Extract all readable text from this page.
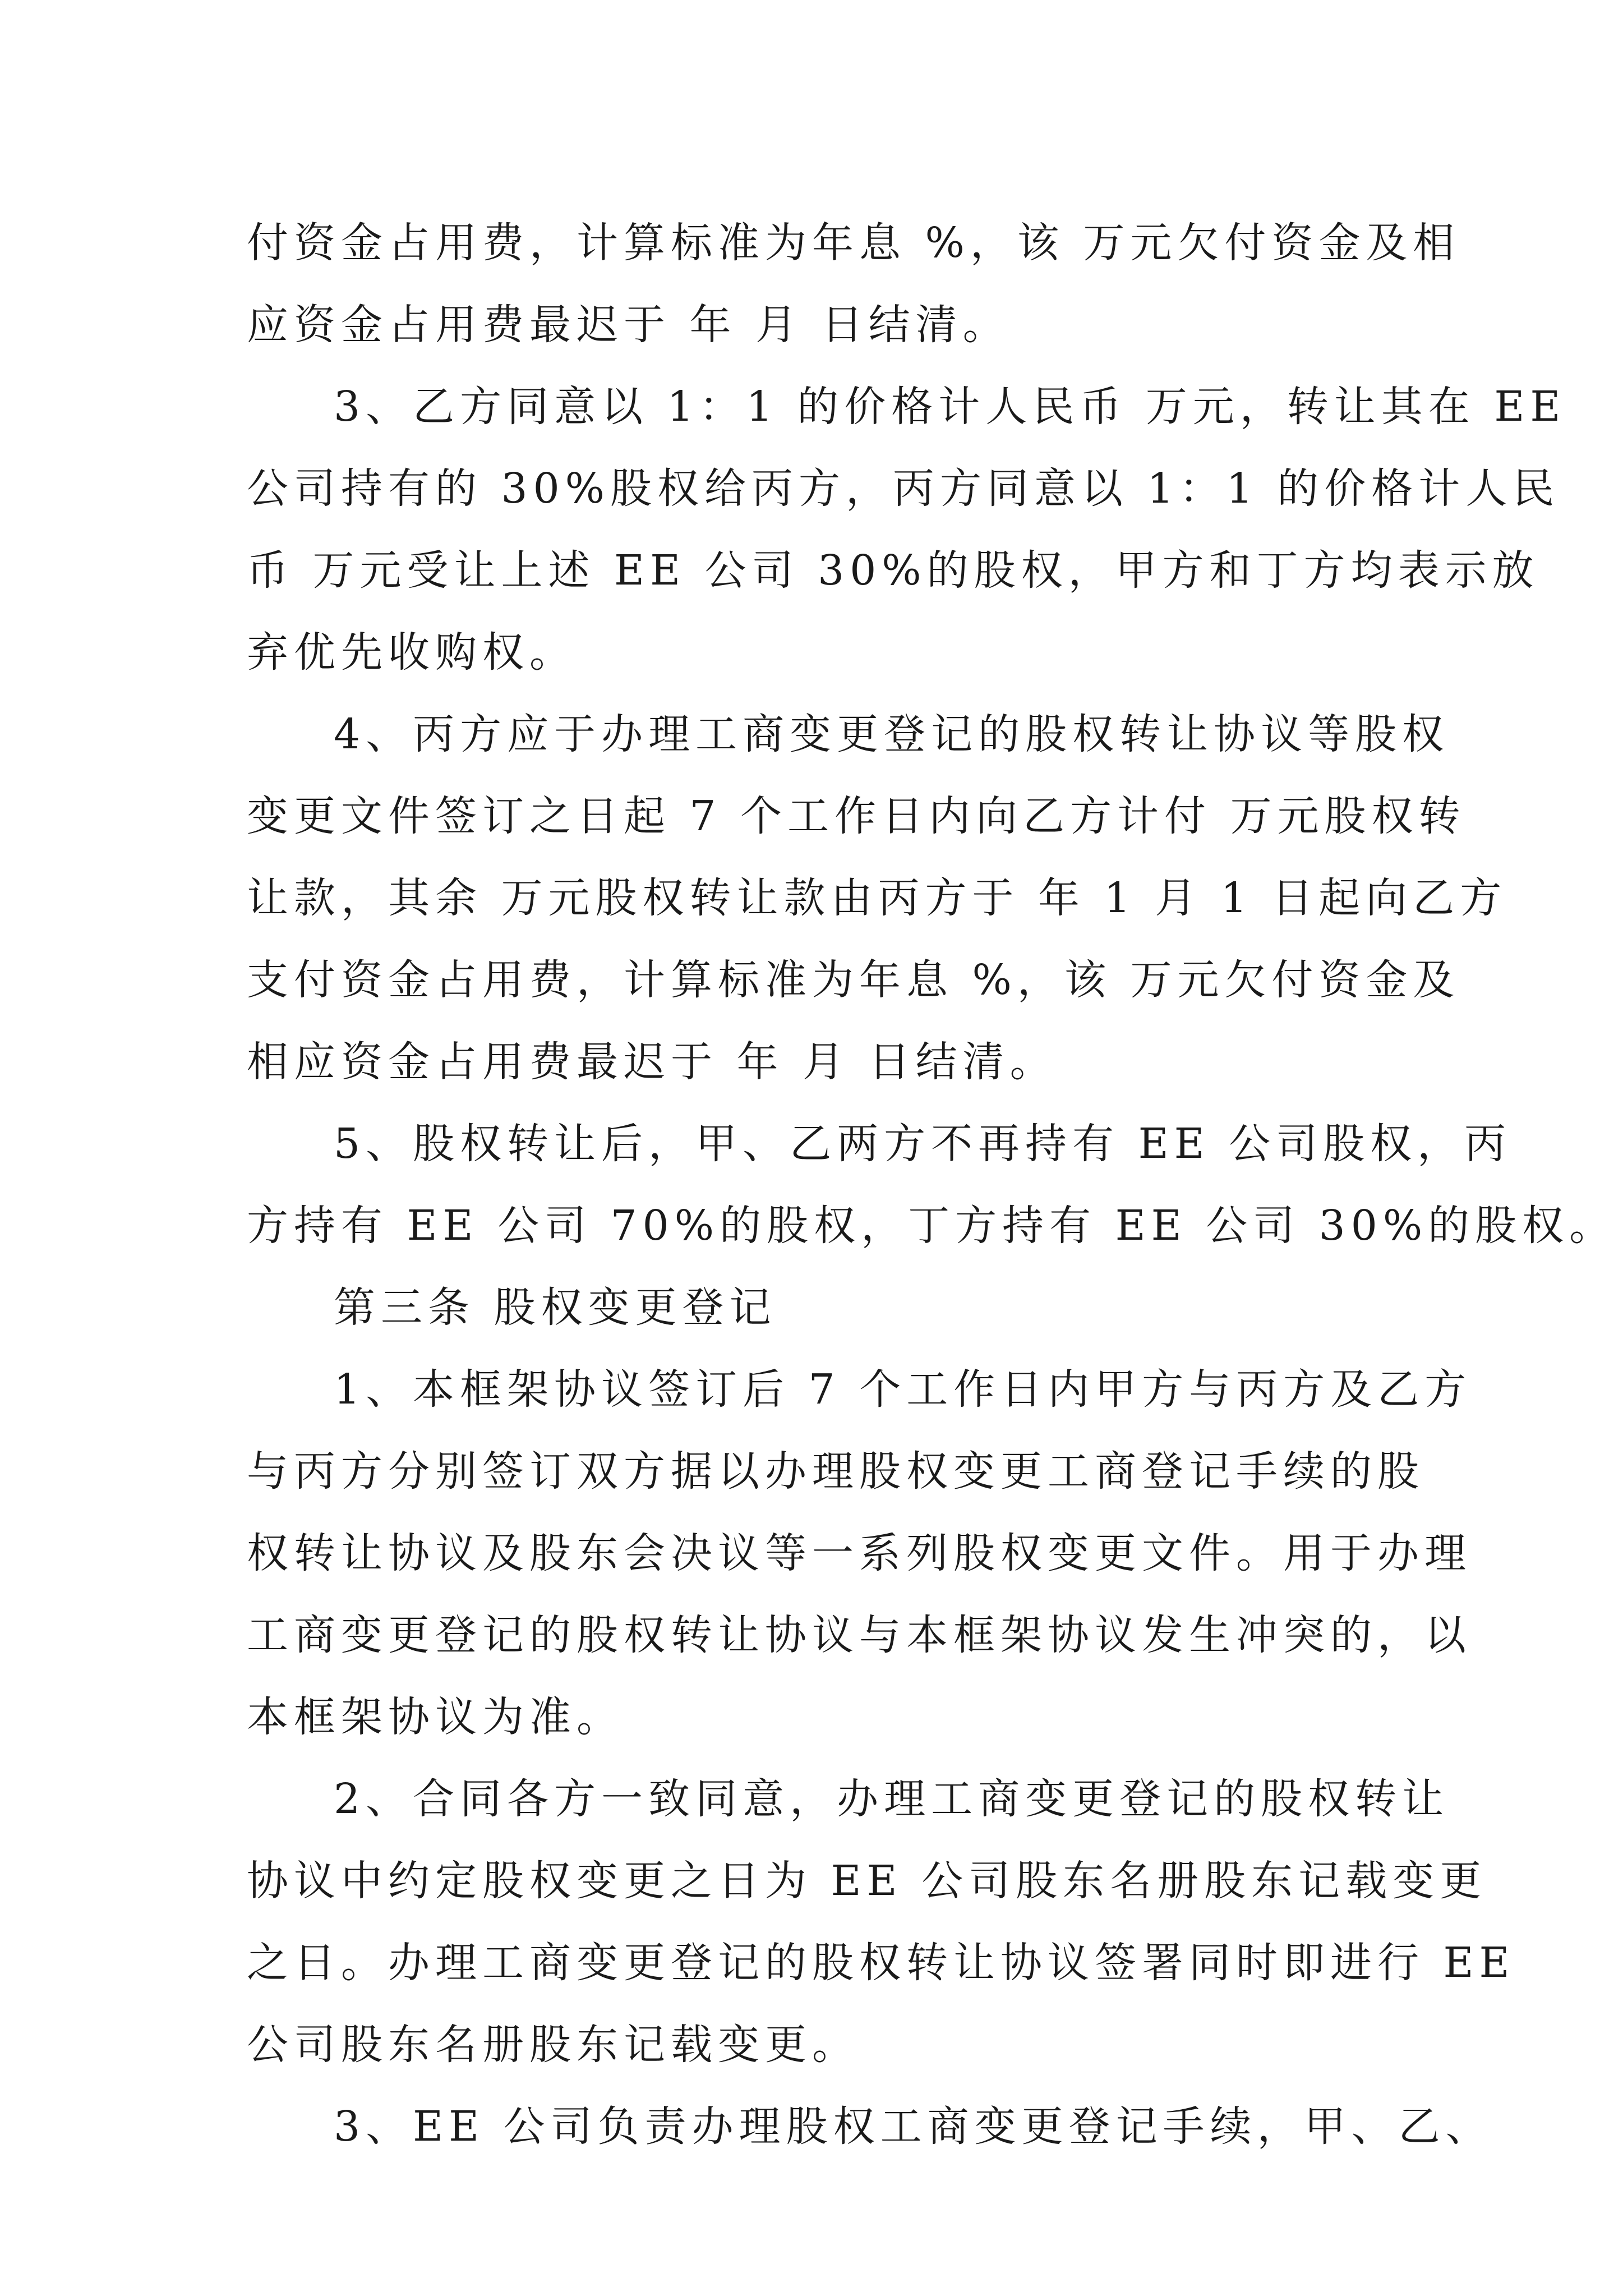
付资金占用费，计算标准为年息 %，该 万元欠付资金及相
应资金占用费最迟于 年 月 日结清。
3、乙方同意以 1：1 的价格计人民币 万元，转让其在 EE
公司持有的 30%股权给丙方，丙方同意以 1：1 的价格计人民
币 万元受让上述 EE 公司 30%的股权，甲方和丁方均表示放
弃优先收购权。
4、丙方应于办理工商变更登记的股权转让协议等股权
变更文件签订之日起 7 个工作日内向乙方计付 万元股权转
让款，其余 万元股权转让款由丙方于 年 1 月 1 日起向乙方
支付资金占用费，计算标准为年息 %，该 万元欠付资金及
相应资金占用费最迟于 年 月 日结清。
5、股权转让后，甲、乙两方不再持有 EE 公司股权，丙
方持有 EE 公司 70%的股权，丁方持有 EE 公司 30%的股权。
第三条 股权变更登记
1、本框架协议签订后 7 个工作日内甲方与丙方及乙方
与丙方分别签订双方据以办理股权变更工商登记手续的股
权转让协议及股东会决议等一系列股权变更文件。用于办理
工商变更登记的股权转让协议与本框架协议发生冲突的，以
本框架协议为准。
2、合同各方一致同意，办理工商变更登记的股权转让
协议中约定股权变更之日为 EE 公司股东名册股东记载变更
之日。办理工商变更登记的股权转让协议签署同时即进行 EE
公司股东名册股东记载变更。
3、EE 公司负责办理股权工商变更登记手续，甲、乙、
